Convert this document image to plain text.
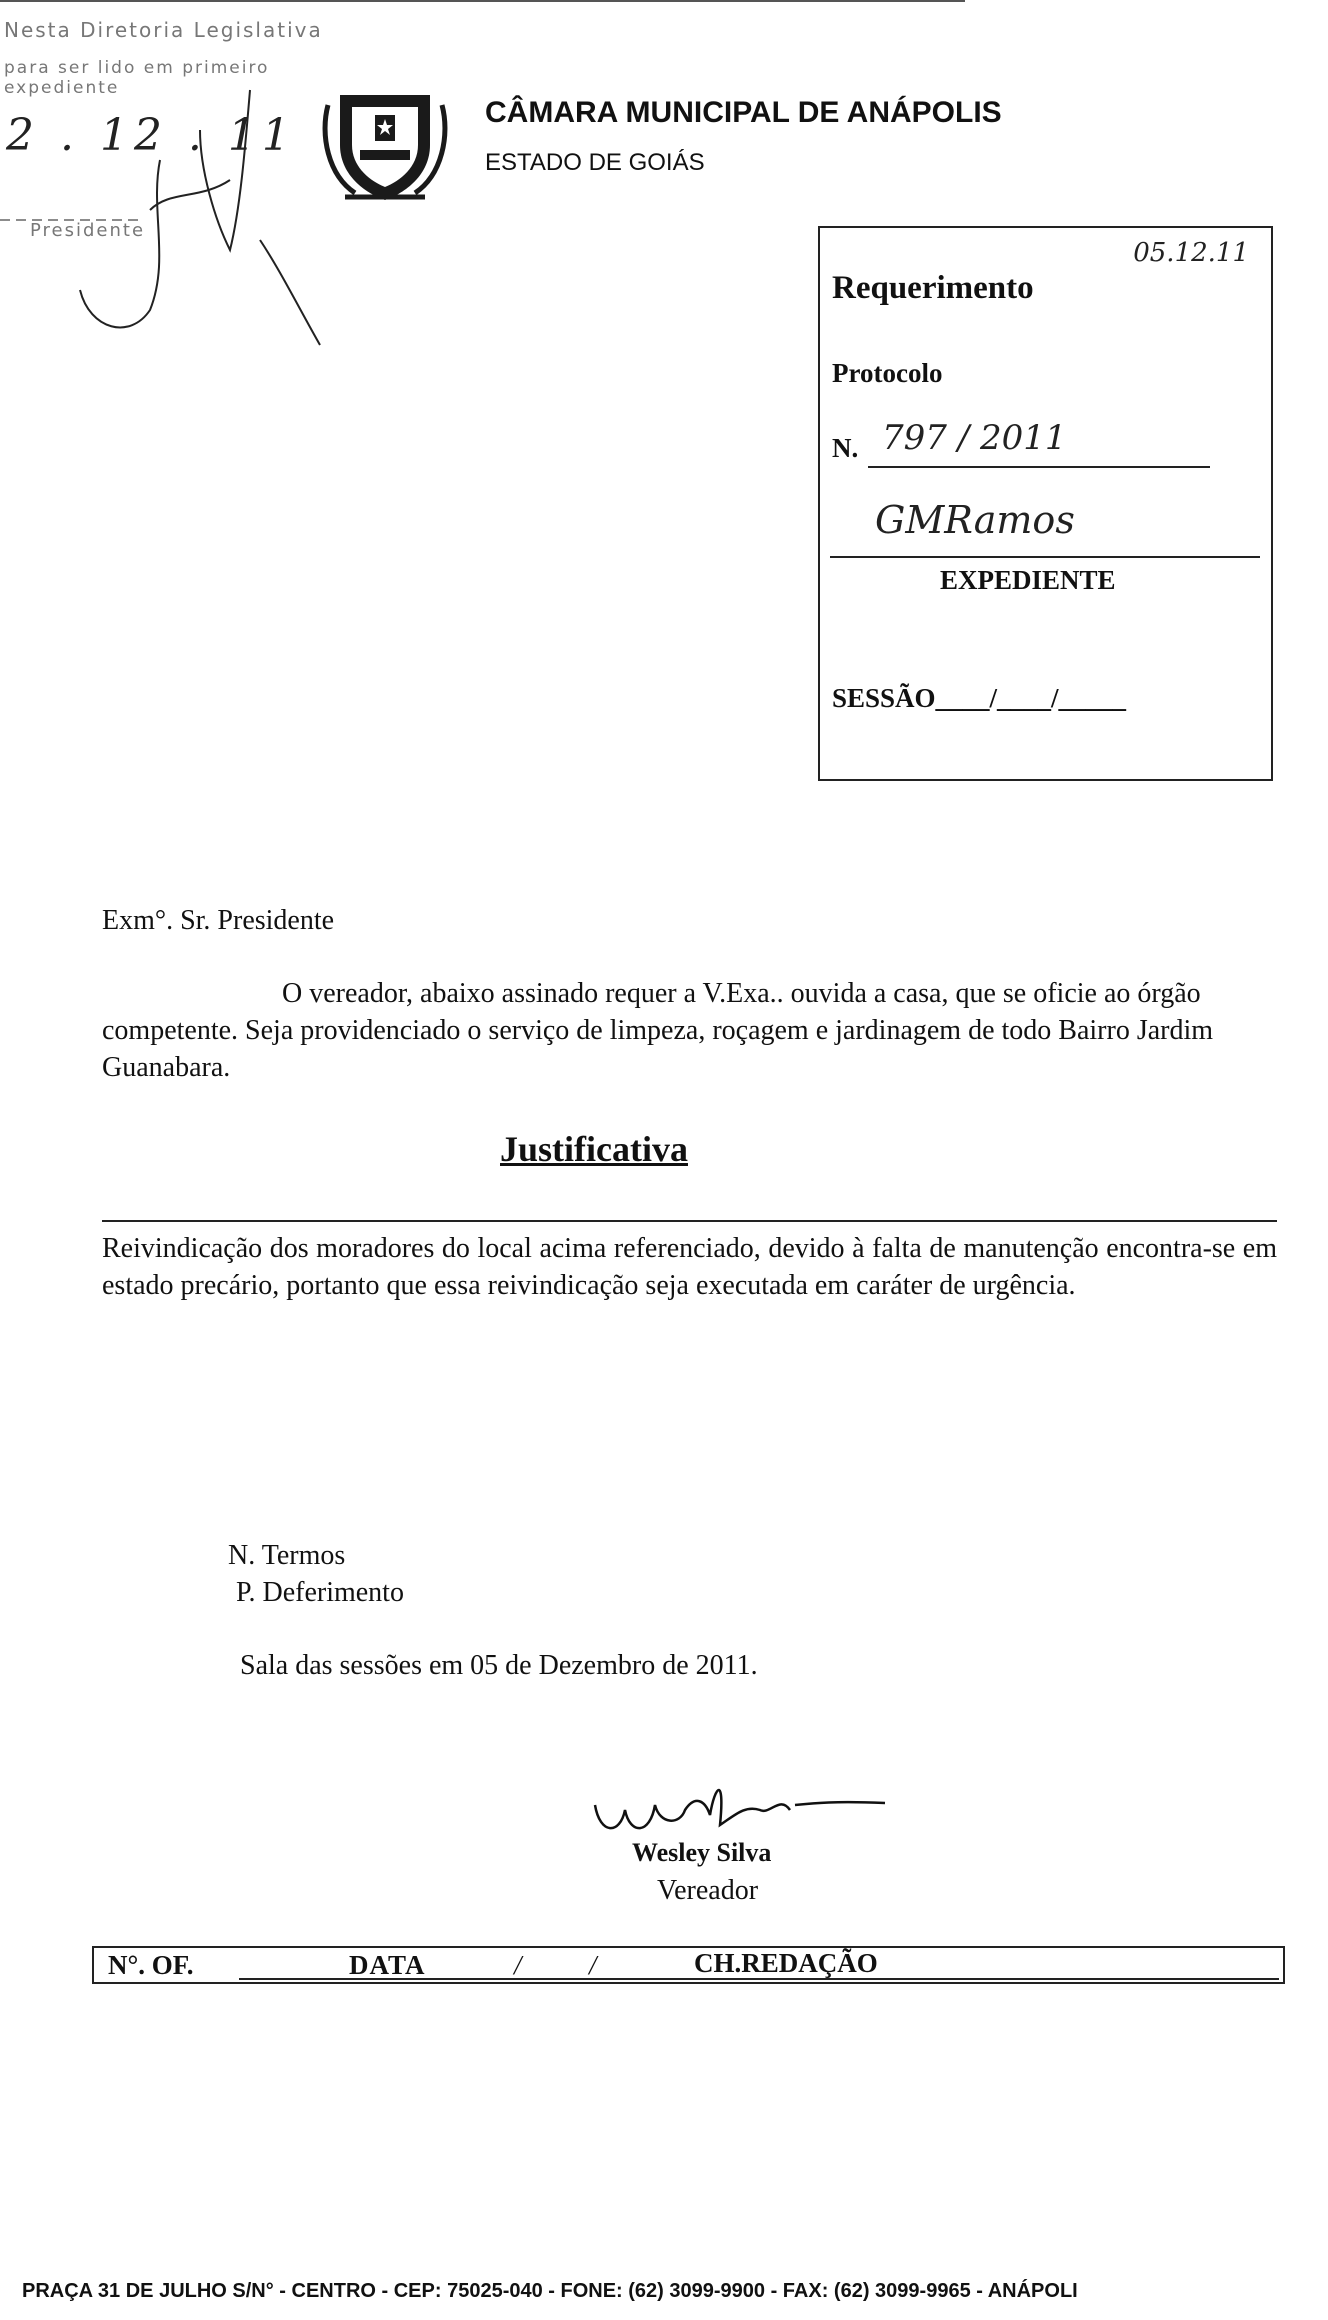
Nesta Diretoria Legislativa
para ser lido em primeiro expediente
2 . 12 . 11
Presidente
CÂMARA MUNICIPAL DE ANÁPOLIS
ESTADO DE GOIÁS
05.12.11
Requerimento
Protocolo
N. 797 / 2011
GMRamos
EXPEDIENTE
SESSÃO____/____/_____
Exm°. Sr. Presidente
O vereador, abaixo assinado requer a V.Exa.. ouvida a casa, que se oficie ao órgão competente. Seja providenciado o serviço de limpeza, roçagem e jardinagem de todo Bairro Jardim Guanabara.
Justificativa
Reivindicação dos moradores do local acima referenciado, devido à falta de manutenção encontra-se em estado precário, portanto que essa reivindicação seja executada em caráter de urgência.
N. Termos
P. Deferimento
Sala das sessões em 05 de Dezembro de 2011.
Wesley Silva
Vereador
N°. OF.	DATA	/          /	CH.REDAÇÃO
PRAÇA 31 DE JULHO S/N° - CENTRO - CEP: 75025-040 - FONE: (62) 3099-9900 - FAX: (62) 3099-9965 - ANÁPOLI
